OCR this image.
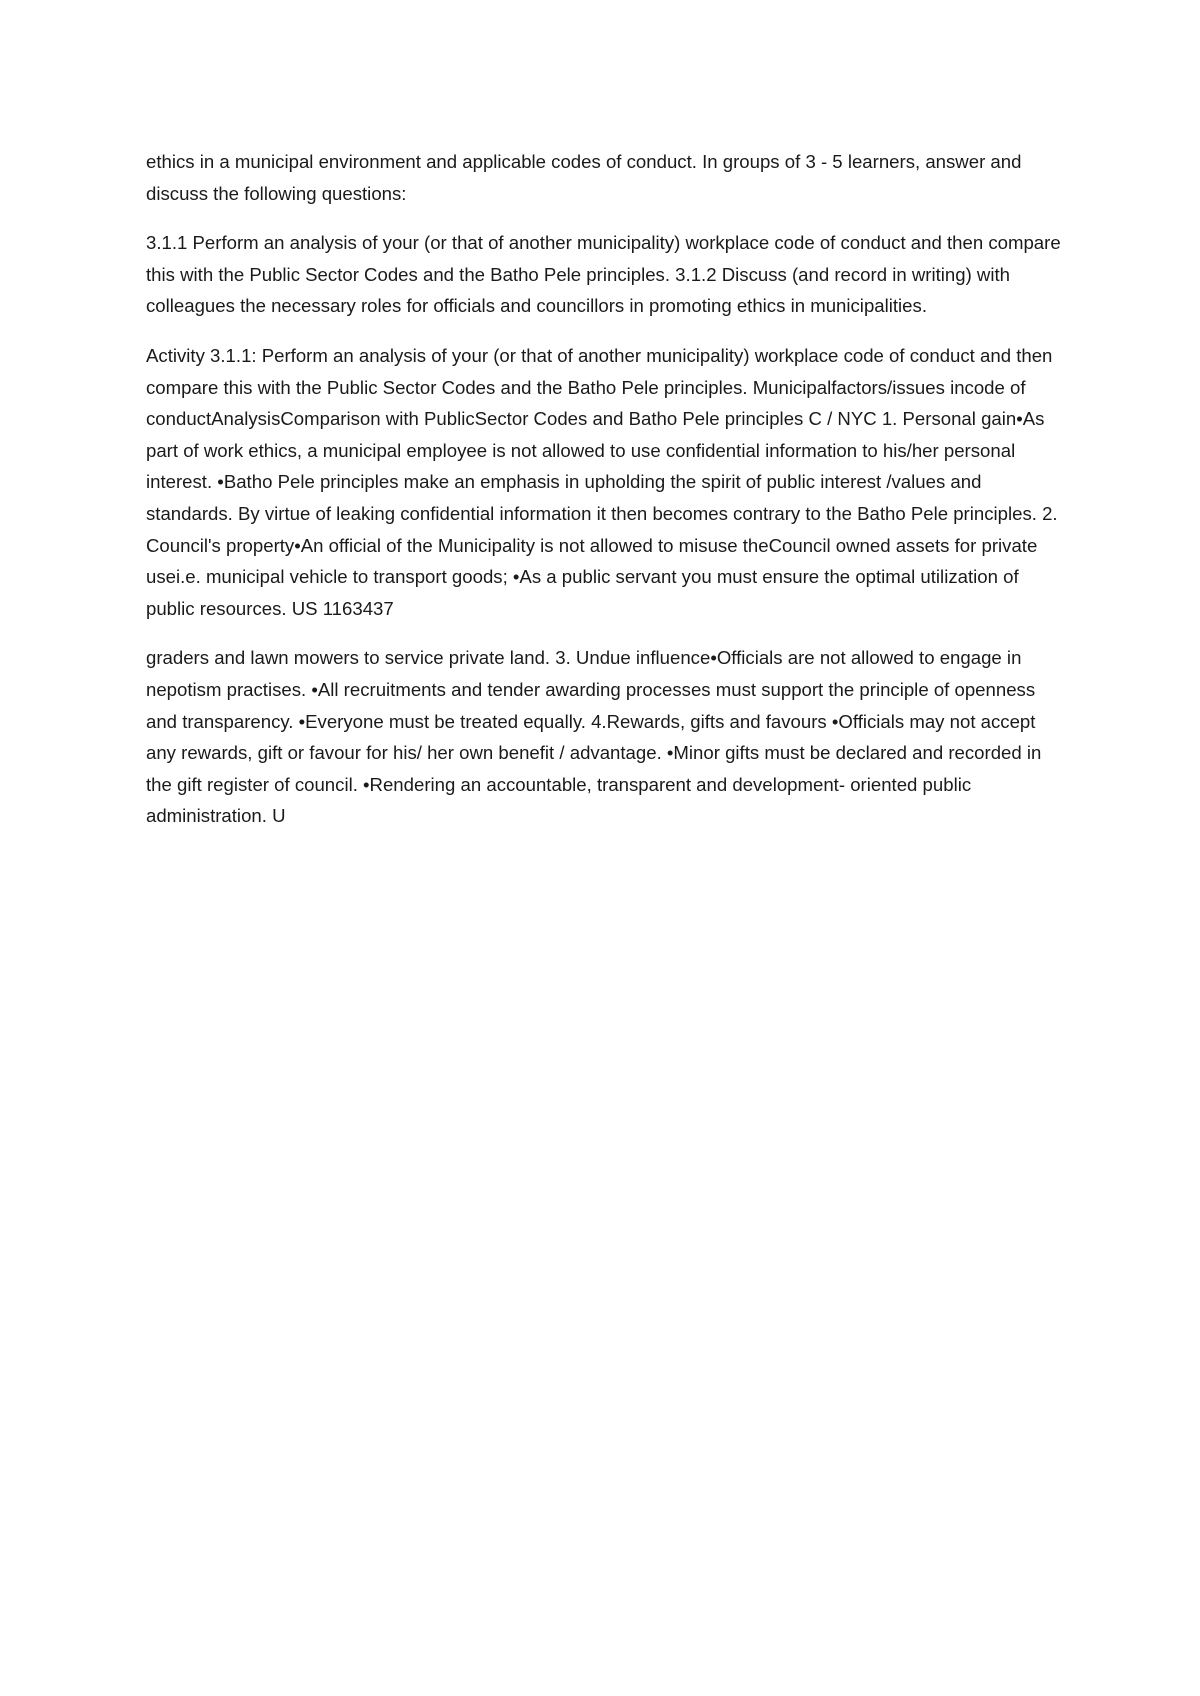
ethics in a municipal environment and applicable codes of conduct. In groups of 3 - 5 learners, answer and discuss the following questions:

3.1.1 Perform an analysis of your (or that of another municipality) workplace code of conduct and then compare this with the Public Sector Codes and the Batho Pele principles. 3.1.2 Discuss (and record in writing) with colleagues the necessary roles for officials and councillors in promoting ethics in municipalities.

Activity 3.1.1: Perform an analysis of your (or that of another municipality) workplace code of conduct and then compare this with the Public Sector Codes and the Batho Pele principles. Municipalfactors/issues incode of conductAnalysisComparison with PublicSector Codes and Batho Pele principles C / NYC 1. Personal gain•As part of work ethics, a municipal employee is not allowed to use confidential information to his/her personal interest. •Batho Pele principles make an emphasis in upholding the spirit of public interest /values and standards. By virtue of leaking confidential information it then becomes contrary to the Batho Pele principles. 2. Council's property•An official of the Municipality is not allowed to misuse theCouncil owned assets for private usei.e. municipal vehicle to transport goods; •As a public servant you must ensure the optimal utilization of public resources. US 1163437

graders and lawn mowers to service private land. 3. Undue influence•Officials are not allowed to engage in nepotism practises. •All recruitments and tender awarding processes must support the principle of openness and transparency. •Everyone must be treated equally. 4.Rewards, gifts and favours •Officials may not accept any rewards, gift or favour for his/ her own benefit / advantage. •Minor gifts must be declared and recorded in the gift register of council. •Rendering an accountable, transparent and development- oriented public administration. U
